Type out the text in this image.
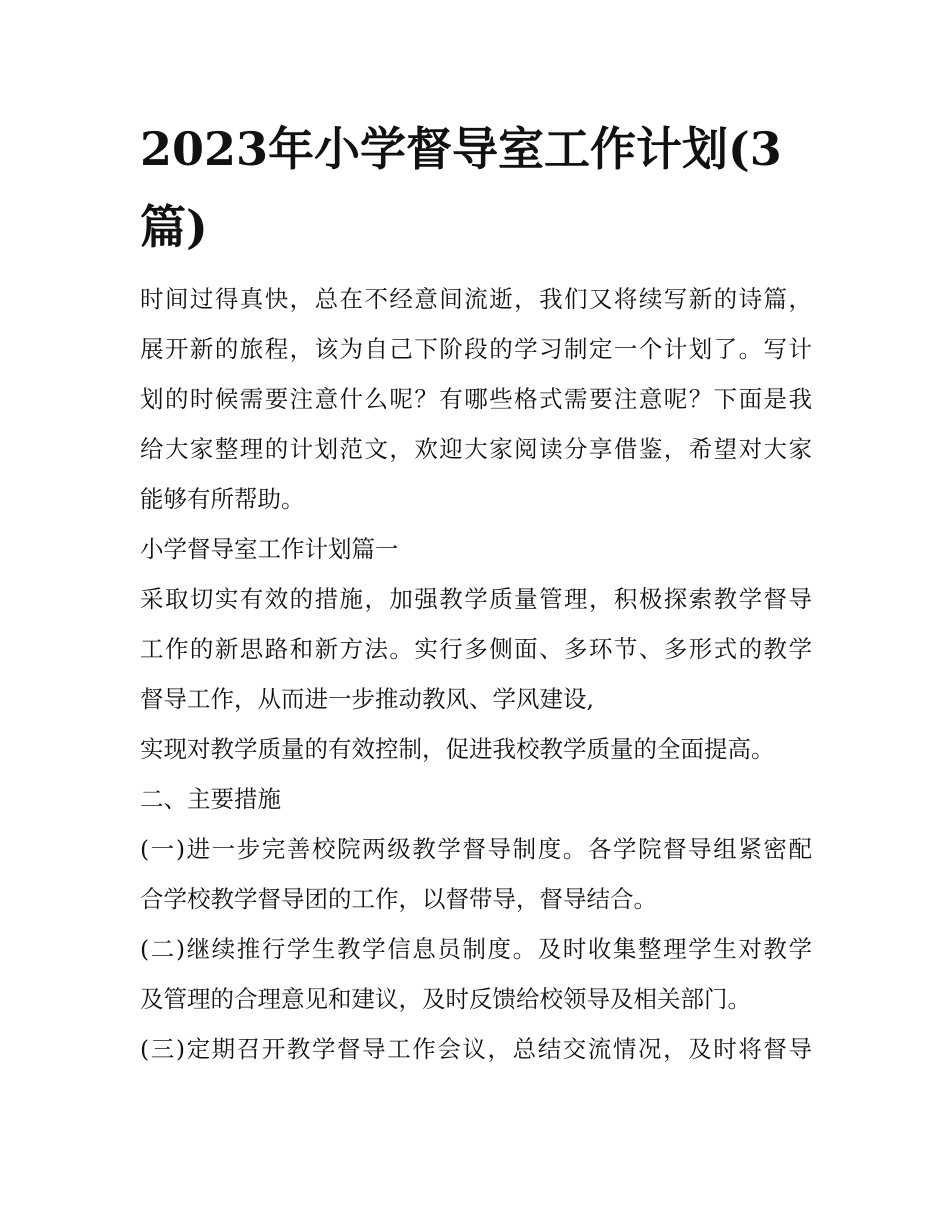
2023年小学督导室工作计划(3
篇)

时间过得真快，总在不经意间流逝，我们又将续写新的诗篇，
展开新的旅程，该为自己下阶段的学习制定一个计划了。写计
划的时候需要注意什么呢？有哪些格式需要注意呢？下面是我
给大家整理的计划范文，欢迎大家阅读分享借鉴，希望对大家
能够有所帮助。

小学督导室工作计划篇一

采取切实有效的措施，加强教学质量管理，积极探索教学督导
工作的新思路和新方法。实行多侧面、多环节、多形式的教学
督导工作，从而进一步推动教风、学风建设,

实现对教学质量的有效控制，促进我校教学质量的全面提高。

二、主要措施

(一)进一步完善校院两级教学督导制度。各学院督导组紧密配
合学校教学督导团的工作，以督带导，督导结合。

(二)继续推行学生教学信息员制度。及时收集整理学生对教学
及管理的合理意见和建议，及时反馈给校领导及相关部门。

(三)定期召开教学督导工作会议，总结交流情况，及时将督导
